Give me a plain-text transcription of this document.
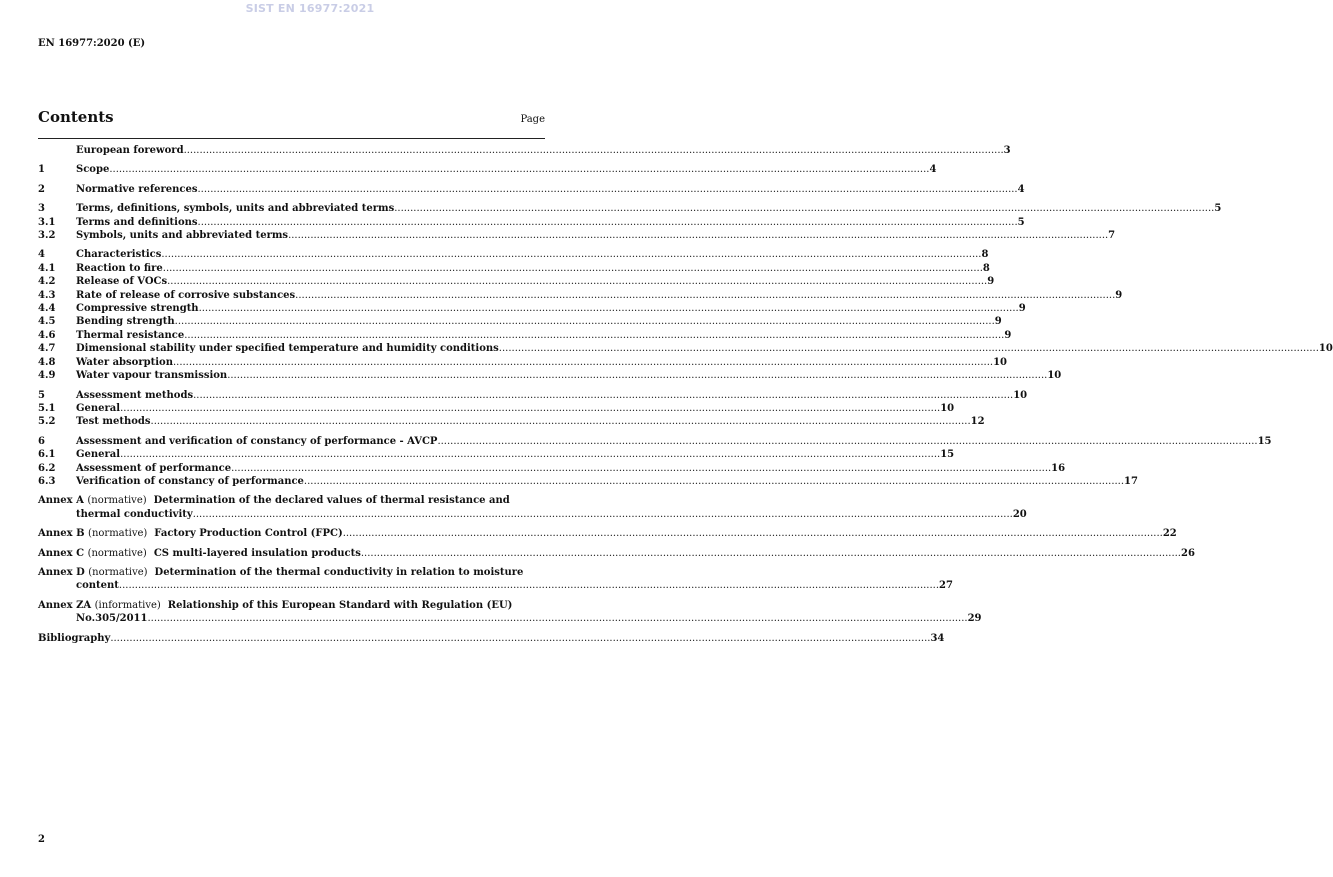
SIST EN 16977:2021
EN 16977:2020 (E)
Contents	Page
European foreword .....	3
1	Scope .....	4
2	Normative references .....	4
3	Terms, definitions, symbols, units and abbreviated terms .....	5
3.1	Terms and definitions .....	5
3.2	Symbols, units and abbreviated terms .....	7
4	Characteristics .....	8
4.1	Reaction to fire .....	8
4.2	Release of VOCs .....	9
4.3	Rate of release of corrosive substances .....	9
4.4	Compressive strength .....	9
4.5	Bending strength .....	9
4.6	Thermal resistance .....	9
4.7	Dimensional stability under specified temperature and humidity conditions .....	10
4.8	Water absorption .....	10
4.9	Water vapour transmission .....	10
5	Assessment methods .....	10
5.1	General .....	10
5.2	Test methods .....	12
6	Assessment and verification of constancy of performance - AVCP .....	15
6.1	General .....	15
6.2	Assessment of performance .....	16
6.3	Verification of constancy of performance .....	17
Annex A (normative) Determination of the declared values of thermal resistance and
thermal conductivity .....	20
Annex B (normative) Factory Production Control (FPC) .....	22
Annex C (normative) CS multi-layered insulation products .....	26
Annex D (normative) Determination of the thermal conductivity in relation to moisture
content .....	27
Annex ZA (informative) Relationship of this European Standard with Regulation (EU)
No.305/2011 .....	29
Bibliography .....	34
2
